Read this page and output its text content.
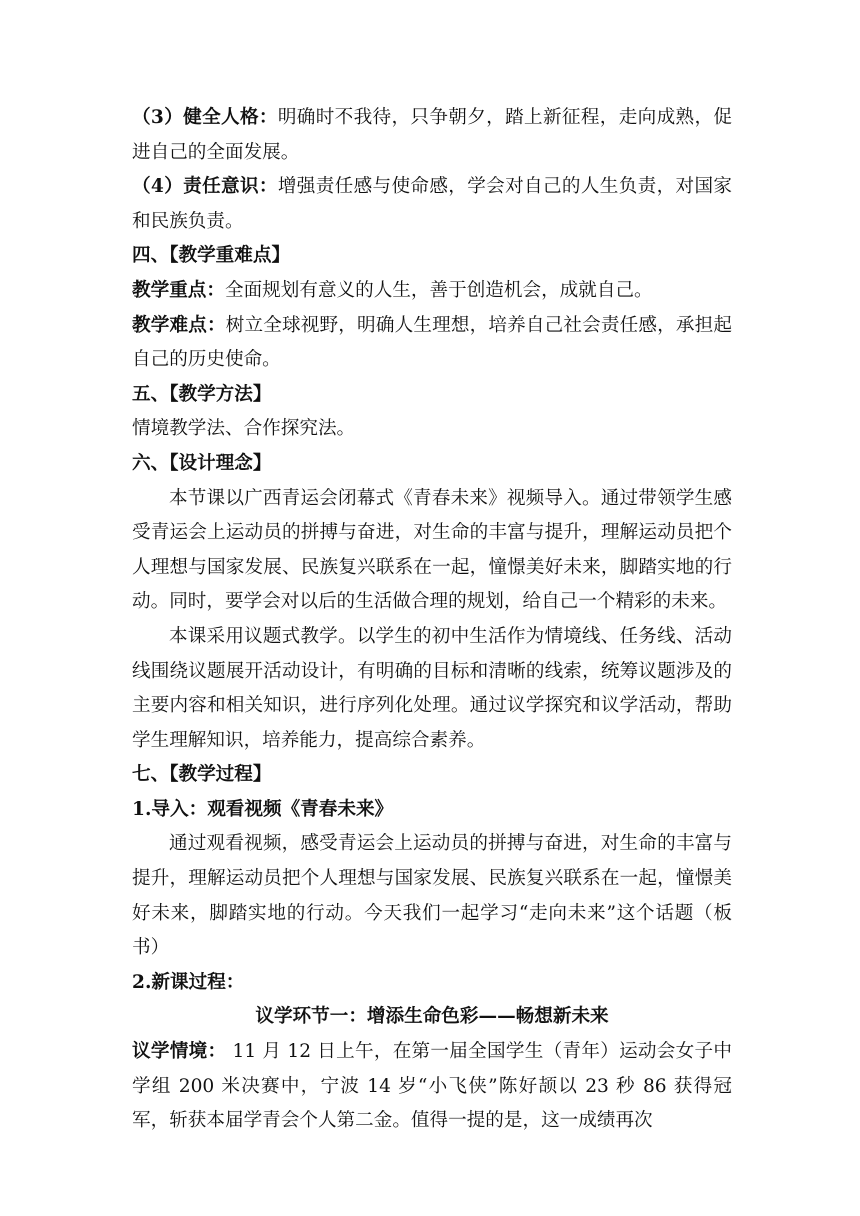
（3）健全人格：明确时不我待，只争朝夕，踏上新征程，走向成熟，促进自己的全面发展。

（4）责任意识：增强责任感与使命感，学会对自己的人生负责，对国家和民族负责。

四、【教学重难点】

教学重点：全面规划有意义的人生，善于创造机会，成就自己。

教学难点：树立全球视野，明确人生理想，培养自己社会责任感，承担起自己的历史使命。

五、【教学方法】

情境教学法、合作探究法。

六、【设计理念】

本节课以广西青运会闭幕式《青春未来》视频导入。通过带领学生感受青运会上运动员的拼搏与奋进，对生命的丰富与提升，理解运动员把个人理想与国家发展、民族复兴联系在一起，憧憬美好未来，脚踏实地的行动。同时，要学会对以后的生活做合理的规划，给自己一个精彩的未来。

本课采用议题式教学。以学生的初中生活作为情境线、任务线、活动线围绕议题展开活动设计，有明确的目标和清晰的线索，统筹议题涉及的主要内容和相关知识，进行序列化处理。通过议学探究和议学活动，帮助学生理解知识，培养能力，提高综合素养。

七、【教学过程】

1.导入：观看视频《青春未来》

通过观看视频，感受青运会上运动员的拼搏与奋进，对生命的丰富与提升，理解运动员把个人理想与国家发展、民族复兴联系在一起，憧憬美好未来，脚踏实地的行动。今天我们一起学习“走向未来”这个话题（板书）

2.新课过程：

议学环节一：增添生命色彩——畅想新未来

议学情境： 11 月 12 日上午，在第一届全国学生（青年）运动会女子中学组 200 米决赛中，宁波 14 岁“小飞侠”陈好颉以 23 秒 86 获得冠军，斩获本届学青会个人第二金。值得一提的是，这一成绩再次
